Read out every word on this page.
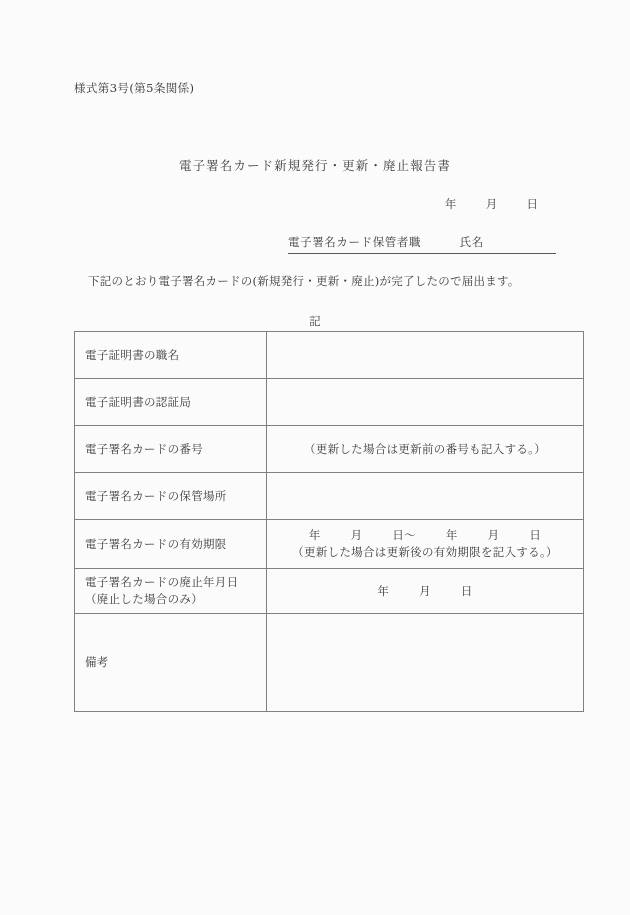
様式第3号(第5条関係)
電子署名カード新規発行・更新・廃止報告書
年	月	日
電子署名カード保管者職	氏名
下記のとおり電子署名カードの(新規発行・更新・廃止)が完了したので届出ます。
記
電子証明書の職名	
電子証明書の認証局	
電子署名カードの番号	（更新した場合は更新前の番号も記入する。）
電子署名カードの保管場所	
電子署名カードの有効期限	年 月 日〜 年 月 日
（更新した場合は更新後の有効期限を記入する。）

電子署名カードの廃止年月日
（廃止した場合のみ）	年 月 日

備考	
